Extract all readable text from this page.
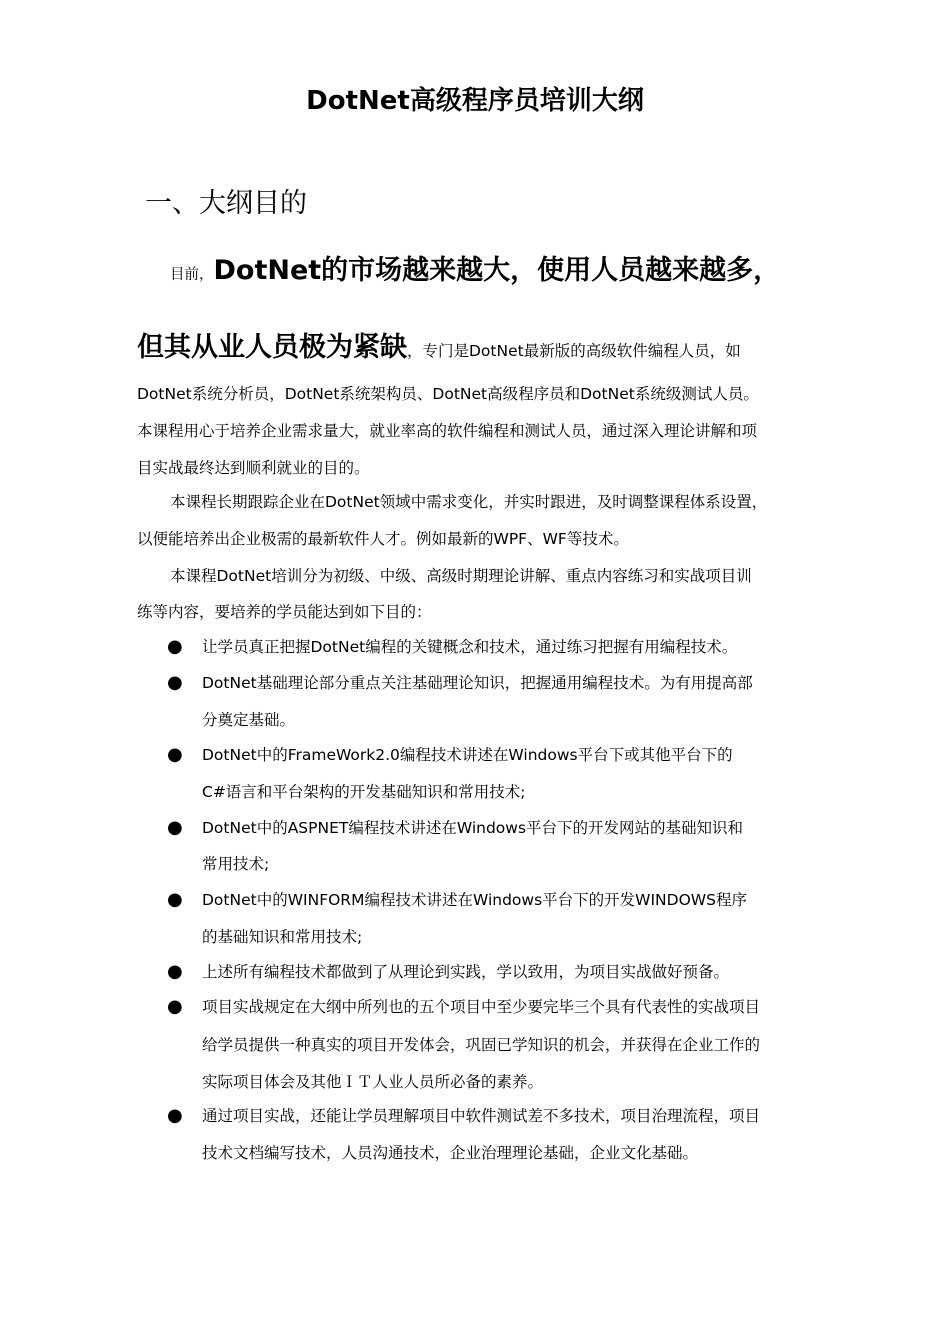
DotNet高级程序员培训大纲
一、大纲目的
目前，DotNet的市场越来越大，使用人员越来越多，
但其从业人员极为紧缺，专门是DotNet最新版的高级软件编程人员，如
DotNet系统分析员，DotNet系统架构员、DotNet高级程序员和DotNet系统级测试人员。
本课程用心于培养企业需求量大，就业率高的软件编程和测试人员，通过深入理论讲解和项
目实战最终达到顺利就业的目的。
本课程长期跟踪企业在DotNet领域中需求变化，并实时跟进，及时调整课程体系设置，
以便能培养出企业极需的最新软件人才。例如最新的WPF、WF等技术。
本课程DotNet培训分为初级、中级、高级时期理论讲解、重点内容练习和实战项目训
练等内容，要培养的学员能达到如下目的：
● 让学员真正把握DotNet编程的关键概念和技术，通过练习把握有用编程技术。
● DotNet基础理论部分重点关注基础理论知识，把握通用编程技术。为有用提高部
分奠定基础。
● DotNet中的FrameWork2.0编程技术讲述在Windows平台下或其他平台下的
C#语言和平台架构的开发基础知识和常用技术;
● DotNet中的ASPNET编程技术讲述在Windows平台下的开发网站的基础知识和
常用技术;
● DotNet中的WINFORM编程技术讲述在Windows平台下的开发WINDOWS程序
的基础知识和常用技术;
● 上述所有编程技术都做到了从理论到实践，学以致用，为项目实战做好预备。
● 项目实战规定在大纲中所列也的五个项目中至少要完毕三个具有代表性的实战项目
给学员提供一种真实的项目开发体会，巩固已学知识的机会，并获得在企业工作的
实际项目体会及其他ＩＴ人业人员所必备的素养。
● 通过项目实战，还能让学员理解项目中软件测试差不多技术，项目治理流程，项目
技术文档编写技术，人员沟通技术，企业治理理论基础，企业文化基础。
